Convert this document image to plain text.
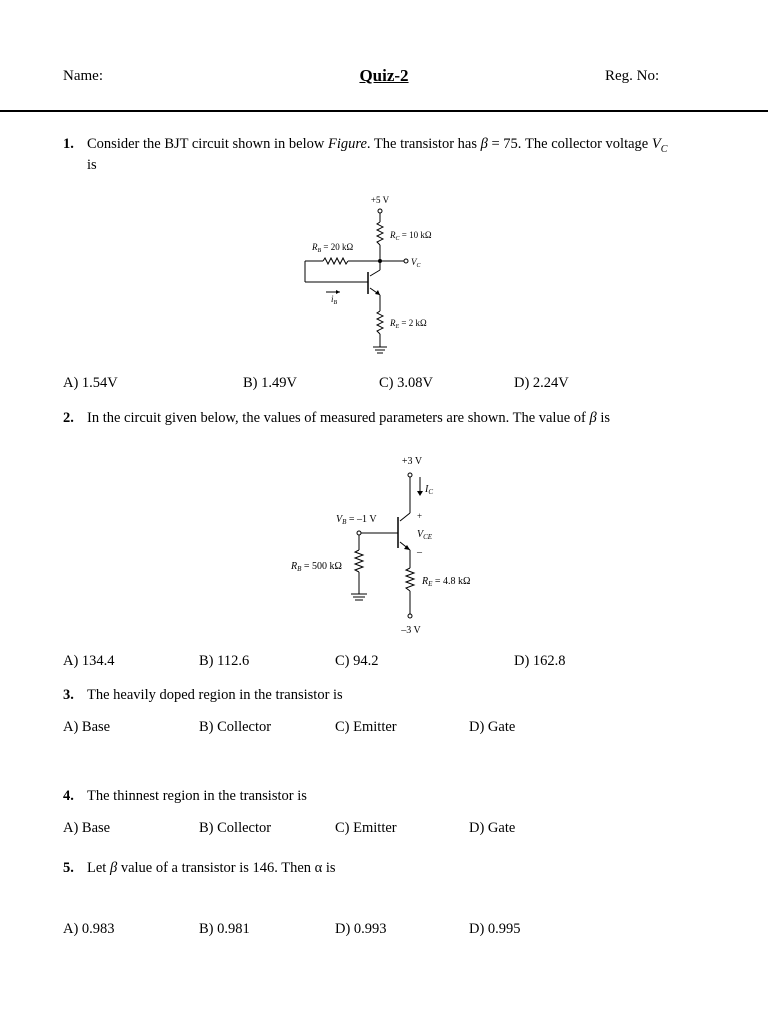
Name:	Quiz-2	Reg. No:
1. Consider the BJT circuit shown in below Figure. The transistor has β = 75. The collector voltage $V_C$
is
+5 V
$R_C = 10$ kΩ
$R_B = 20$ kΩ
$V_C$
$i_B$
$R_E = 2$ kΩ
A) 1.54V	B) 1.49V	C) 3.08V	D) 2.24V
2. In the circuit given below, the values of measured parameters are shown. The value of β is
+3 V
$I_C$
$V_B = -1$ V	+
$V_{CE}$
–
$R_B = 500$ kΩ
$R_E = 4.8$ kΩ
–3 V
A) 134.4	B) 112.6	C) 94.2	D) 162.8
3. The heavily doped region in the transistor is
A) Base	B) Collector	C) Emitter	D) Gate
4. The thinnest region in the transistor is
A) Base	B) Collector	C) Emitter	D) Gate
5. Let β value of a transistor is 146. Then α is
A) 0.983	B) 0.981	D) 0.993	D) 0.995
